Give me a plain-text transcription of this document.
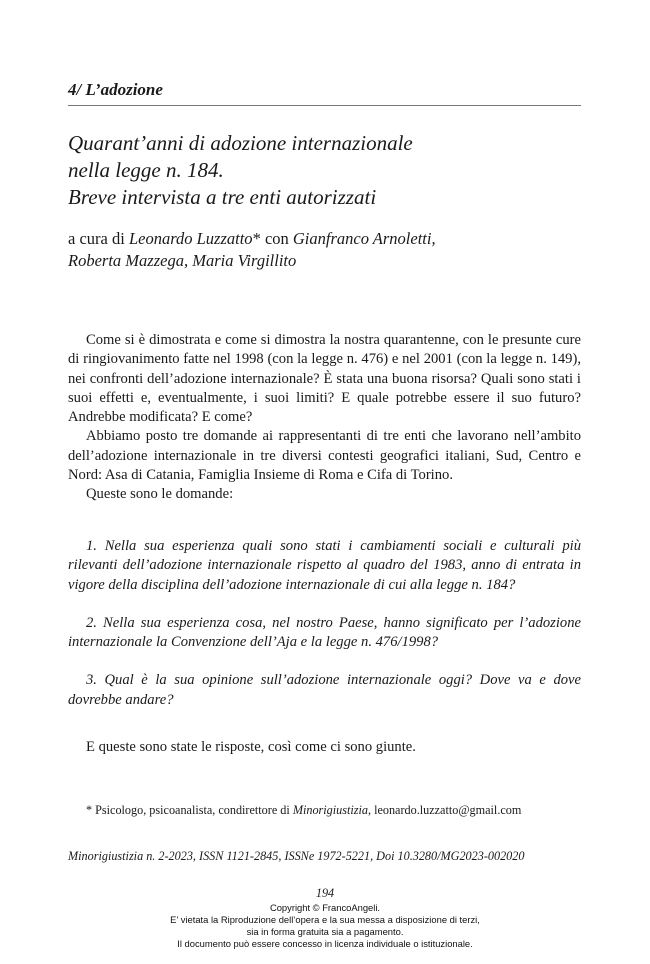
4/ L’adozione
Quarant’anni di adozione internazionale
nella legge n. 184.
Breve intervista a tre enti autorizzati
a cura di Leonardo Luzzatto* con Gianfranco Arnoletti,
Roberta Mazzega, Maria Virgillito

Come si è dimostrata e come si dimostra la nostra quarantenne, con le presunte cure di ringiovanimento fatte nel 1998 (con la legge n. 476) e nel 2001 (con la legge n. 149), nei confronti dell’adozione internazionale? È stata una buona risorsa? Quali sono stati i suoi effetti e, eventualmente, i suoi limiti? E quale potrebbe essere il suo futuro? Andrebbe modificata? E come?

Abbiamo posto tre domande ai rappresentanti di tre enti che lavorano nell’ambito dell’adozione internazionale in tre diversi contesti geografici italiani, Sud, Centro e Nord: Asa di Catania, Famiglia Insieme di Roma e Cifa di Torino.

Queste sono le domande:

1. Nella sua esperienza quali sono stati i cambiamenti sociali e culturali più rilevanti dell’adozione internazionale rispetto al quadro del 1983, anno di entrata in vigore della disciplina dell’adozione internazionale di cui alla legge n. 184?

2. Nella sua esperienza cosa, nel nostro Paese, hanno significato per l’adozione internazionale la Convenzione dell’Aja e la legge n. 476/1998?

3. Qual è la sua opinione sull’adozione internazionale oggi? Dove va e dove dovrebbe andare?

E queste sono state le risposte, così come ci sono giunte.

* Psicologo, psicoanalista, condirettore di Minorigiustizia, leonardo.luzzatto@gmail.com

Minorigiustizia n. 2-2023, ISSN 1121-2845, ISSNe 1972-5221, Doi 10.3280/MG2023-002020
194
Copyright © FrancoAngeli.
E’ vietata la Riproduzione dell’opera e la sua messa a disposizione di terzi,
sia in forma gratuita sia a pagamento.
Il documento può essere concesso in licenza individuale o istituzionale.
